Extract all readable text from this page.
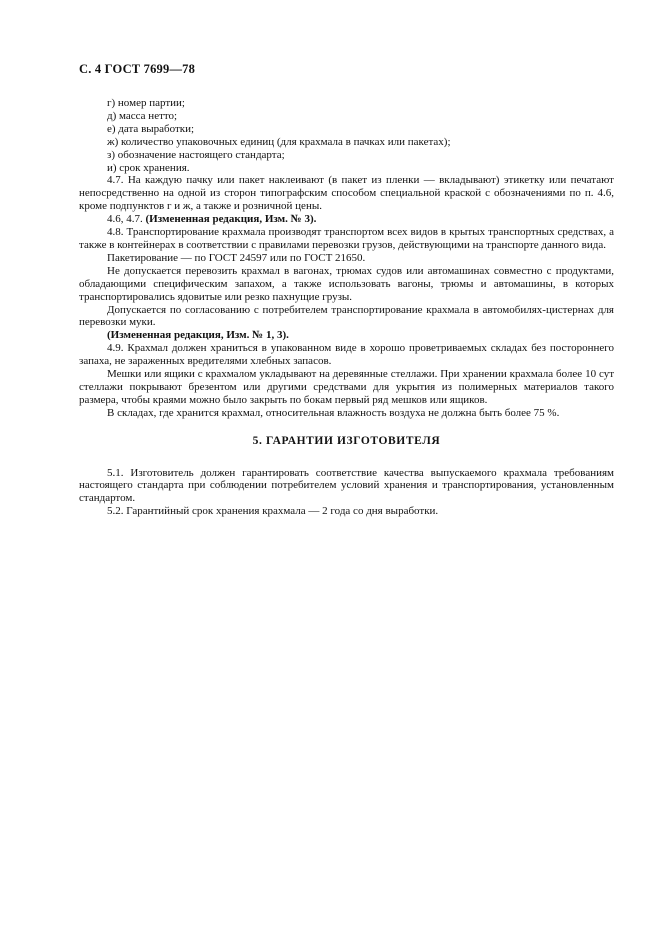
С. 4 ГОСТ 7699—78

г) номер партии;

д) масса нетто;

е) дата выработки;

ж) количество упаковочных единиц (для крахмала в пачках или пакетах);

з) обозначение настоящего стандарта;

и) срок хранения.

4.7. На каждую пачку или пакет наклеивают (в пакет из пленки — вкладывают) этикетку или печатают непосредственно на одной из сторон типографским способом специальной краской с обозначениями по п. 4.6, кроме подпунктов г и ж, а также и розничной цены.

4.6, 4.7. (Измененная редакция, Изм. № 3).

4.8. Транспортирование крахмала производят транспортом всех видов в крытых транспортных средствах, а также в контейнерах в соответствии с правилами перевозки грузов, действующими на транспорте данного вида.

Пакетирование — по ГОСТ 24597 или по ГОСТ 21650.

Не допускается перевозить крахмал в вагонах, трюмах судов или автомашинах совместно с продуктами, обладающими специфическим запахом, а также использовать вагоны, трюмы и автомашины, в которых транспортировались ядовитые или резко пахнущие грузы.

Допускается по согласованию с потребителем транспортирование крахмала в автомобилях-цистернах для перевозки муки.

(Измененная редакция, Изм. № 1, 3).

4.9. Крахмал должен храниться в упакованном виде в хорошо проветриваемых складах без постороннего запаха, не зараженных вредителями хлебных запасов.

Мешки или ящики с крахмалом укладывают на деревянные стеллажи. При хранении крахмала более 10 сут стеллажи покрывают брезентом или другими средствами для укрытия из полимерных материалов такого размера, чтобы краями можно было закрыть по бокам первый ряд мешков или ящиков.

В складах, где хранится крахмал, относительная влажность воздуха не должна быть более 75 %.

5. ГАРАНТИИ ИЗГОТОВИТЕЛЯ

5.1. Изготовитель должен гарантировать соответствие качества выпускаемого крахмала требованиям настоящего стандарта при соблюдении потребителем условий хранения и транспортирования, установленным стандартом.

5.2. Гарантийный срок хранения крахмала — 2 года со дня выработки.
